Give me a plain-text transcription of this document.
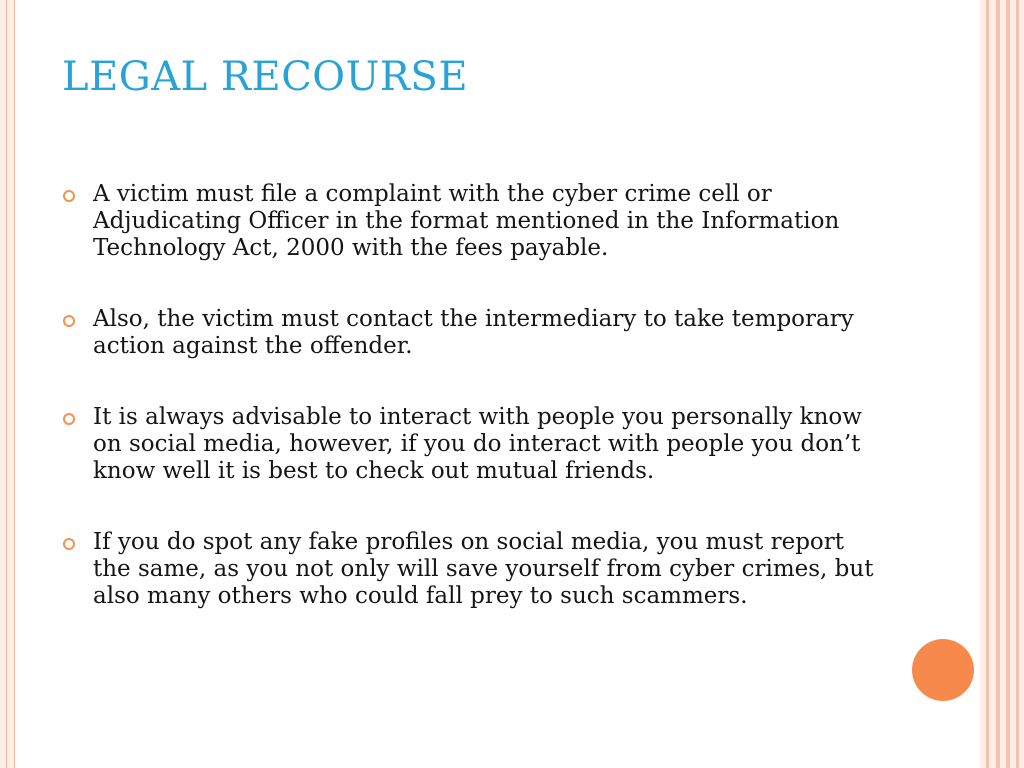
LEGAL RECOURSE
A victim must file a complaint with the cyber crime cell or Adjudicating Officer in the format mentioned in the Information Technology Act, 2000 with the fees payable.
Also, the victim must contact the intermediary to take temporary action against the offender.
It is always advisable to interact with people you personally know on social media, however, if you do interact with people you don’t know well it is best to check out mutual friends.
If you do spot any fake profiles on social media, you must report the same, as you not only will save yourself from cyber crimes, but also many others who could fall prey to such scammers.
